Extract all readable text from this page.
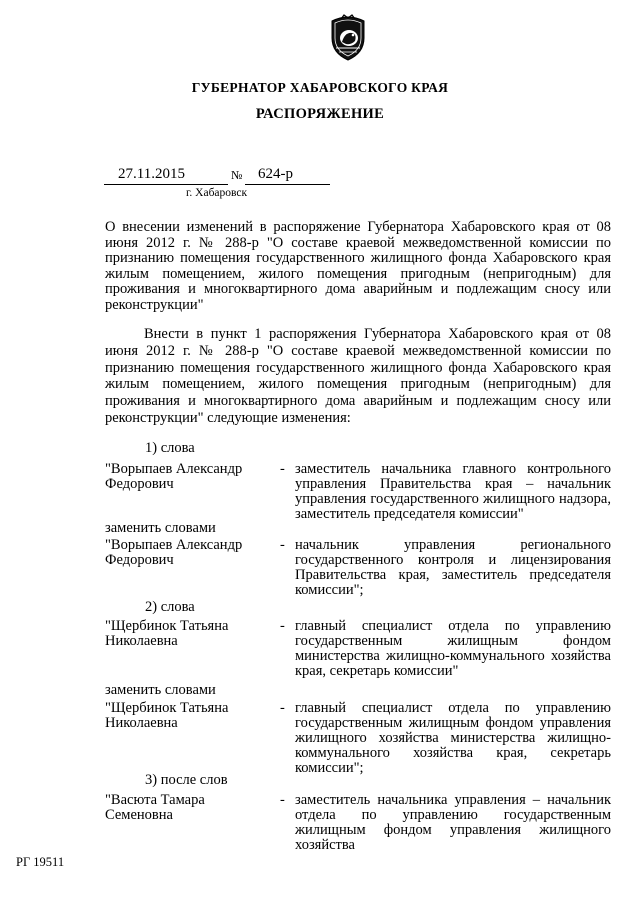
ГУБЕРНАТОР ХАБАРОВСКОГО КРАЯ
РАСПОРЯЖЕНИЕ
27.11.2015	№ 624-р
г. Хабаровск
О внесении изменений в распоряжение Губернатора Хабаровского края от 08 июня 2012 г. № 288-р "О составе краевой межведомственной комиссии по признанию помещения государственного жилищного фонда Хабаровского края жилым помещением, жилого помещения пригодным (непригодным) для проживания и многоквартирного дома аварийным и подлежащим сносу или реконструкции"
Внести в пункт 1 распоряжения Губернатора Хабаровского края от 08 июня 2012 г. № 288-р "О составе краевой межведомственной комиссии по признанию помещения государственного жилищного фонда Хабаровского края жилым помещением, жилого помещения пригодным (непригодным) для проживания и многоквартирного дома аварийным и подлежащим сносу или реконструкции" следующие изменения:
1) слова
"Ворыпаев Александр Федорович
- заместитель начальника главного контрольного управления Правительства края – начальник управления государственного жилищного надзора, заместитель председателя комиссии"
заменить словами
"Ворыпаев Александр Федорович
- начальник управления регионального государственного контроля и лицензирования Правительства края, заместитель председателя комиссии";
2) слова
"Щербинок Татьяна Николаевна
- главный специалист отдела по управлению государственным жилищным фондом министерства жилищно-коммунального хозяйства края, секретарь комиссии"
заменить словами
"Щербинок Татьяна Николаевна
- главный специалист отдела по управлению государственным жилищным фондом управления жилищного хозяйства министерства жилищно-коммунального хозяйства края, секретарь комиссии";
3) после слов
"Васюта Тамара Семеновна
- заместитель начальника управления – начальник отдела по управлению государственным жилищным фондом управления жилищного хозяйства
РГ 19511
